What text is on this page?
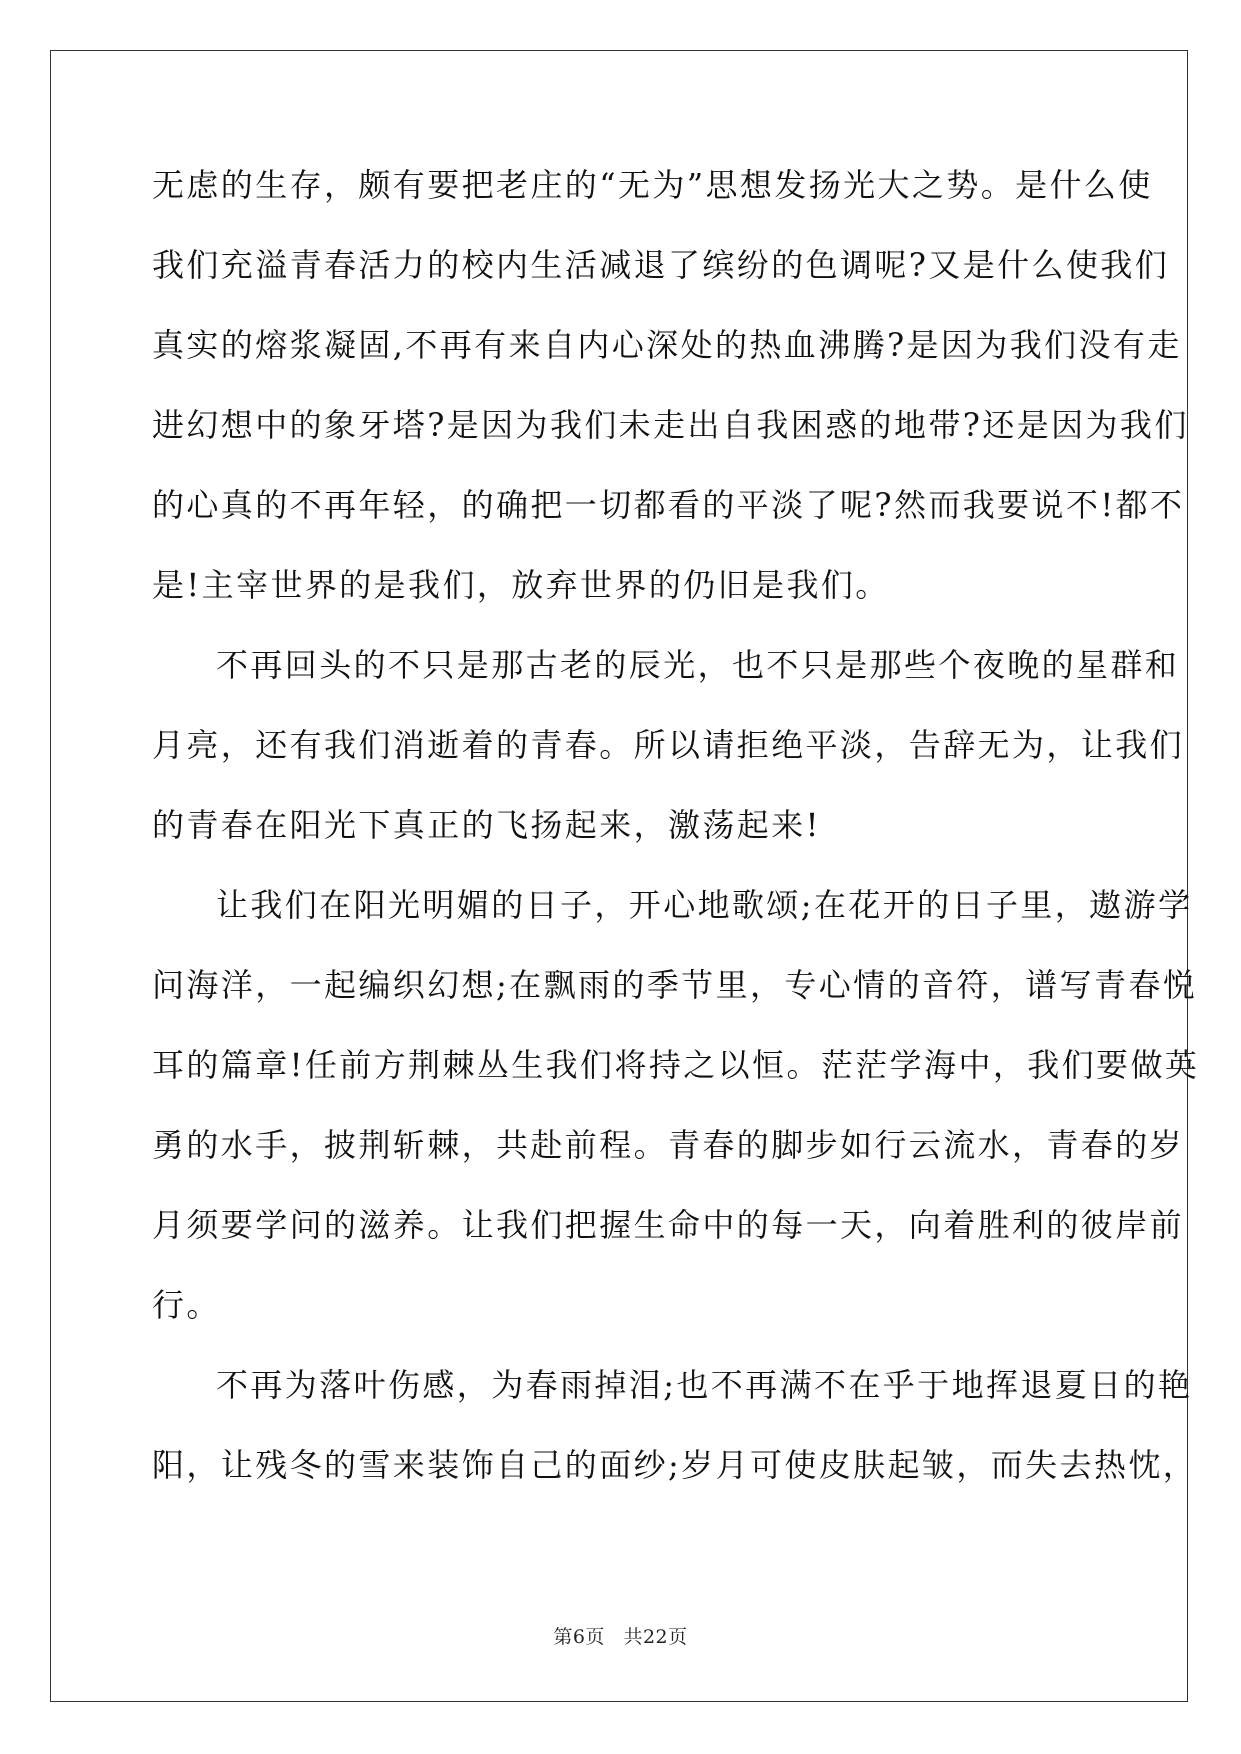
无虑的生存，颇有要把老庄的“无为”思想发扬光大之势。是什么使
我们充溢青春活力的校内生活减退了缤纷的色调呢?又是什么使我们
真实的熔浆凝固,不再有来自内心深处的热血沸腾?是因为我们没有走
进幻想中的象牙塔?是因为我们未走出自我困惑的地带?还是因为我们
的心真的不再年轻，的确把一切都看的平淡了呢?然而我要说不!都不
是!主宰世界的是我们，放弃世界的仍旧是我们。
不再回头的不只是那古老的辰光，也不只是那些个夜晚的星群和
月亮，还有我们消逝着的青春。所以请拒绝平淡，告辞无为，让我们
的青春在阳光下真正的飞扬起来，激荡起来!
让我们在阳光明媚的日子，开心地歌颂;在花开的日子里，遨游学
问海洋，一起编织幻想;在飘雨的季节里，专心情的音符，谱写青春悦
耳的篇章!任前方荆棘丛生我们将持之以恒。茫茫学海中，我们要做英
勇的水手，披荆斩棘，共赴前程。青春的脚步如行云流水，青春的岁
月须要学问的滋养。让我们把握生命中的每一天，向着胜利的彼岸前
行。
不再为落叶伤感，为春雨掉泪;也不再满不在乎于地挥退夏日的艳
阳，让残冬的雪来装饰自己的面纱;岁月可使皮肤起皱，而失去热忱，
第6页 共22页
